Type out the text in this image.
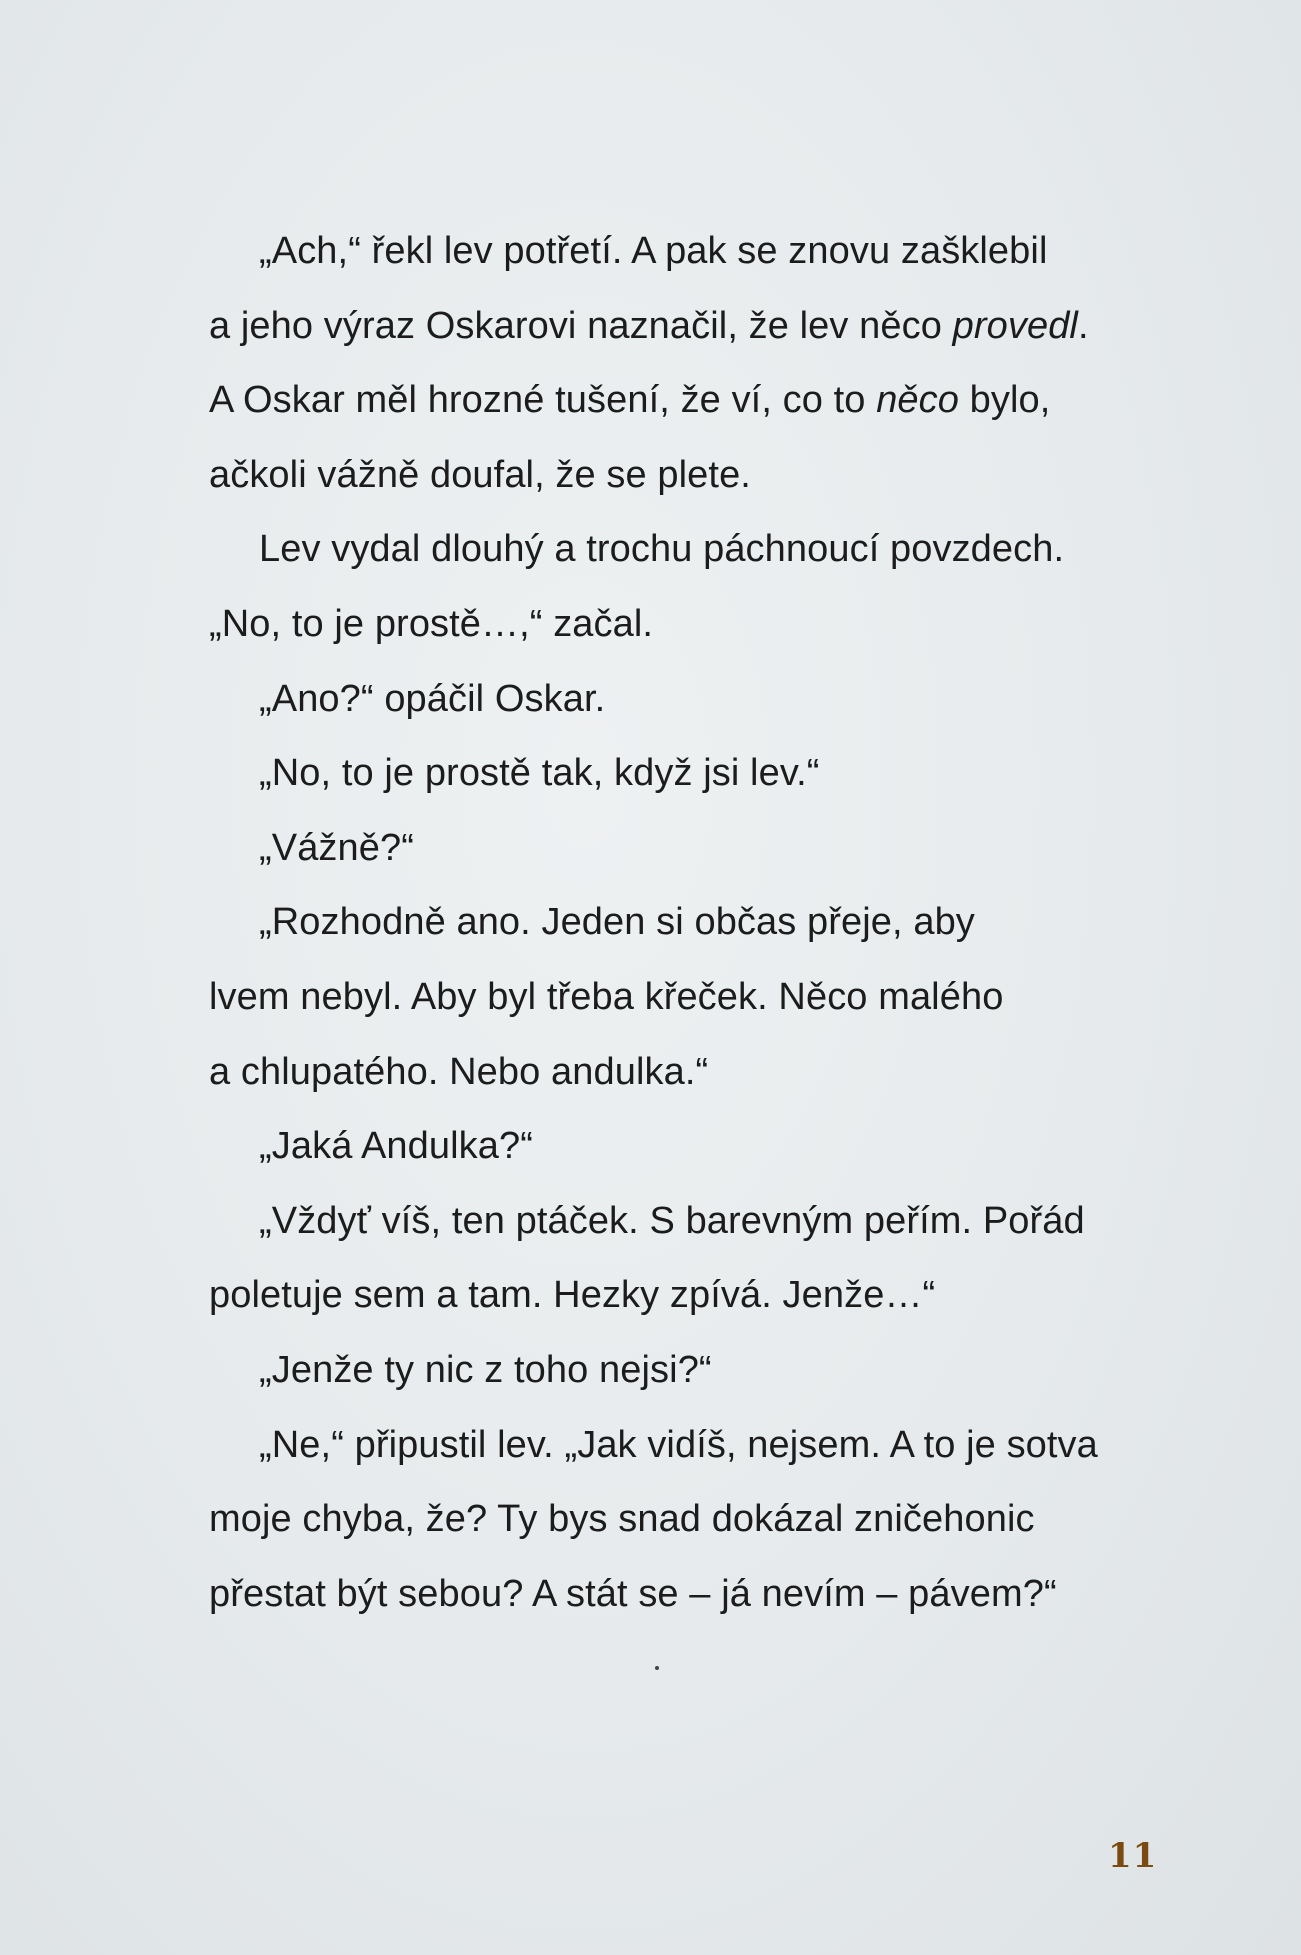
„Ach,“ řekl lev potřetí. A pak se znovu zašklebil
a jeho výraz Oskarovi naznačil, že lev něco provedl.
A Oskar měl hrozné tušení, že ví, co to něco bylo,
ačkoli vážně doufal, že se plete.
Lev vydal dlouhý a trochu páchnoucí povzdech.
„No, to je prostě…,“ začal.
„Ano?“ opáčil Oskar.
„No, to je prostě tak, když jsi lev.“
„Vážně?“
„Rozhodně ano. Jeden si občas přeje, aby
lvem nebyl. Aby byl třeba křeček. Něco malého
a chlupatého. Nebo andulka.“
„Jaká Andulka?“
„Vždyť víš, ten ptáček. S barevným peřím. Pořád
poletuje sem a tam. Hezky zpívá. Jenže…“
„Jenže ty nic z toho nejsi?“
„Ne,“ připustil lev. „Jak vidíš, nejsem. A to je sotva
moje chyba, že? Ty bys snad dokázal zničehonic
přestat být sebou? A stát se – já nevím – pávem?“
11
